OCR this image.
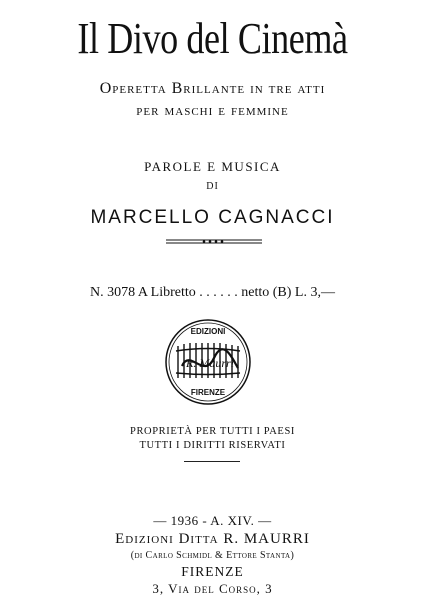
Il Divo del Cinemà
Operetta Brillante in tre atti
per maschi e femmine
PAROLE E MUSICA
DI
MARCELLO CAGNACCI
N. 3078 A Libretto . . . . . . netto (B) L. 3,—
EDIZIONI
R. Maurri
FIRENZE
PROPRIETÀ PER TUTTI I PAESI
TUTTI I DIRITTI RISERVATI
— 1936 - A. XIV. —
Edizioni Ditta R. MAURRI
(di Carlo Schmidl & Ettore Stanta)
FIRENZE
3, Via del Corso, 3
